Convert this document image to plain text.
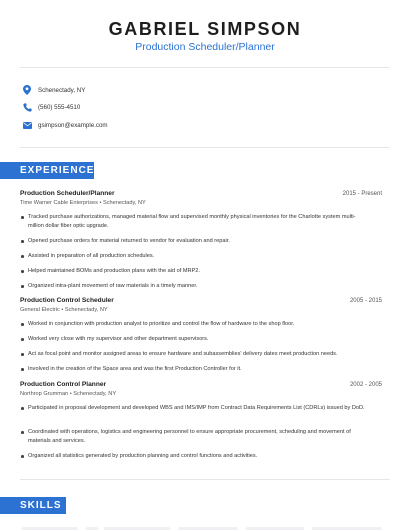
GABRIEL SIMPSON
Production Scheduler/Planner
Schenectady, NY
(560) 555-4510
gsimpson@example.com
EXPERIENCE
Production Scheduler/Planner	2015 - Present
Time Warner Cable Enterprises • Schenectady, NY
Tracked purchase authorizations, managed material flow and supervised monthly physical inventories for the Charlotte system multi-million dollar fiber optic upgrade.
Opened purchase orders for material returned to vendor for evaluation and repair.
Assisted in preparation of all production schedules.
Helped maintained BOMs and production plans with the aid of MRP2.
Organized intra-plant movement of raw materials in a timely manner.
Production Control Scheduler	2005 - 2015
General Electric • Schenectady, NY
Worked in conjunction with production analyst to prioritize and control the flow of hardware to the shop floor.
Worked very close with my supervisor and other department supervisors.
Act as focal point and monitor assigned areas to ensure hardware and subassemblies' delivery dates meet production needs.
Involved in the creation of the Space area and was the first Production Controller for it.
Production Control Planner	2002 - 2005
Northrop Grumman • Schenectady, NY
Participated in proposal development and developed WBS and IMS/IMP from Contract Data Requirements List (CDRLs) issued by DoD.
Coordinated with operations, logistics and engineering personnel to ensure appropriate procurement, scheduling and movement of materials and services.
Organized all statistics generated by production planning and control functions and activities.
SKILLS
